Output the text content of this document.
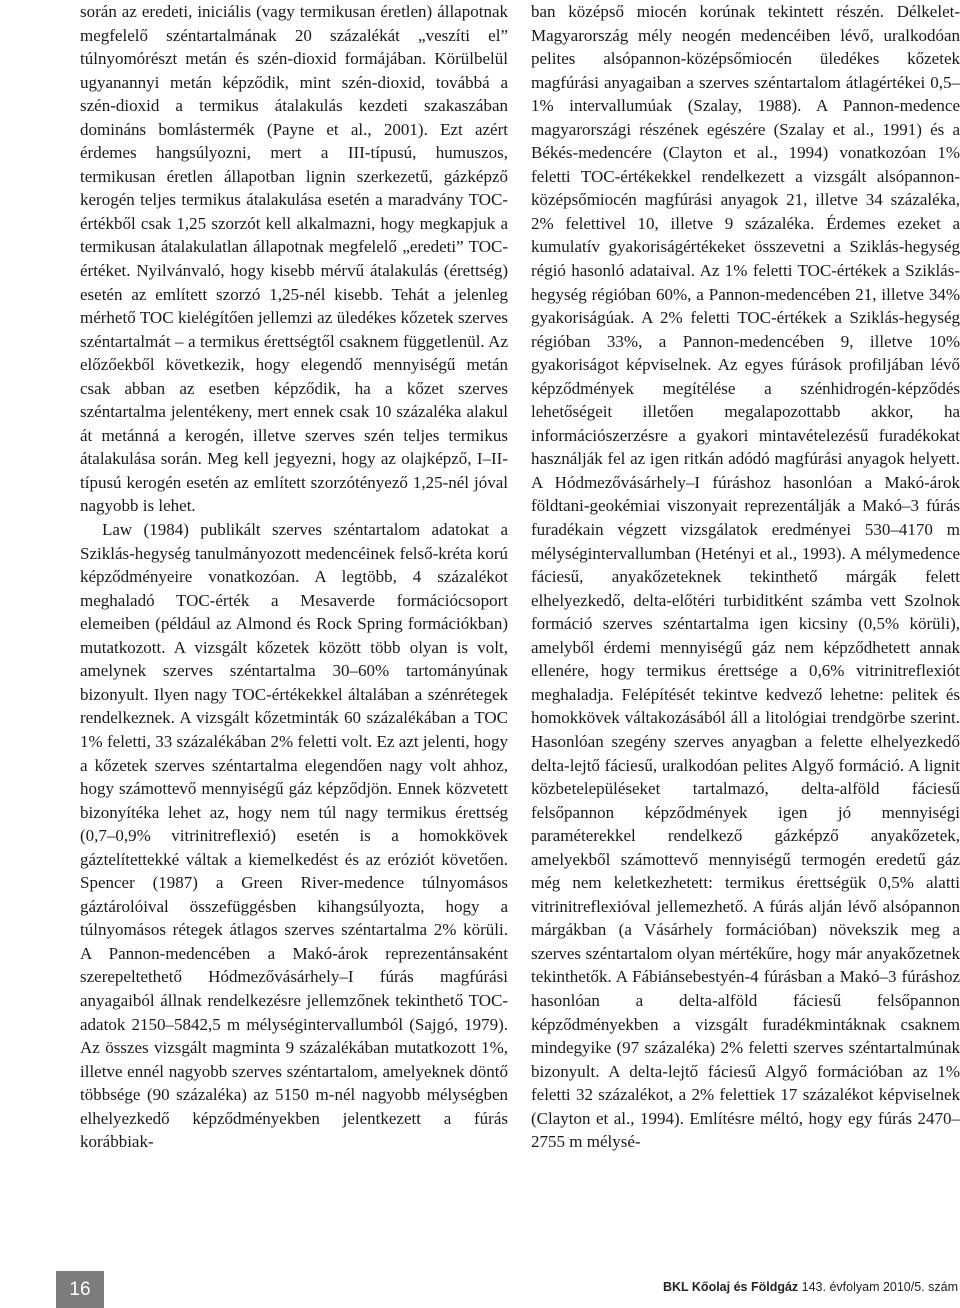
során az eredeti, iniciális (vagy termikusan éretlen) állapotnak megfelelő széntartalmának 20 százalékát „veszíti el” túlnyomórészt metán és szén-dioxid formájában. Körülbelül ugyanannyi metán képződik, mint szén-dioxid, továbbá a szén-dioxid a termikus átalakulás kezdeti szakaszában domináns bomlástermék (Payne et al., 2001). Ezt azért érdemes hangsúlyozni, mert a III-típusú, humuszos, termikusan éretlen állapotban lignin szerkezetű, gázképző kerogén teljes termikus átalakulása esetén a maradvány TOC-értékből csak 1,25 szorzót kell alkalmazni, hogy megkapjuk a termikusan átalakulatlan állapotnak megfelelő „eredeti” TOC-értéket. Nyilvánvaló, hogy kisebb mérvű átalakulás (érettség) esetén az említett szorzó 1,25-nél kisebb. Tehát a jelenleg mérhető TOC kielégítően jellemzi az üledékes kőzetek szerves széntartalmát – a termikus érettségtől csaknem függetlenül. Az előzőekből következik, hogy elegendő mennyiségű metán csak abban az esetben képződik, ha a kőzet szerves széntartalma jelentékeny, mert ennek csak 10 százaléka alakul át metánná a kerogén, illetve szerves szén teljes termikus átalakulása során. Meg kell jegyezni, hogy az olajképző, I–II-típusú kerogén esetén az említett szorzótényező 1,25-nél jóval nagyobb is lehet.

Law (1984) publikált szerves széntartalom adatokat a Sziklás-hegység tanulmányozott medencéinek felső-kréta korú képződményeire vonatkozóan. A legtöbb, 4 százalékot meghaladó TOC-érték a Mesaverde formációcsoport elemeiben (például az Almond és Rock Spring formációkban) mutatkozott. A vizsgált kőzetek között több olyan is volt, amelynek szerves széntartalma 30–60% tartományúnak bizonyult. Ilyen nagy TOC-értékekkel általában a szénrétegek rendelkeznek. A vizsgált kőzetminták 60 százalékában a TOC 1% feletti, 33 százalékában 2% feletti volt. Ez azt jelenti, hogy a kőzetek szerves széntartalma elegendően nagy volt ahhoz, hogy számottevő mennyiségű gáz képződjön. Ennek közvetett bizonyítéka lehet az, hogy nem túl nagy termikus érettség (0,7–0,9% vitrinitreflexió) esetén is a homokkövek gáztelítettekké váltak a kiemelkedést és az eróziót követően. Spencer (1987) a Green River-medence túlnyomásos gáztárolóival összefüggésben kihangsúlyozta, hogy a túlnyomásos rétegek átlagos szerves széntartalma 2% körüli. A Pannon-medencében a Makó-árok reprezentánsaként szerepeltethető Hódmezővásárhely–I fúrás magfúrási anyagaiból állnak rendelkezésre jellemzőnek tekinthető TOC-adatok 2150–5842,5 m mélységintervallumból (Sajgó, 1979). Az összes vizsgált magminta 9 százalékában mutatkozott 1%, illetve ennél nagyobb szerves széntartalom, amelyeknek döntő többsége (90 százaléka) az 5150 m-nél nagyobb mélységben elhelyezkedő képződményekben jelentkezett a fúrás korábbiak-

ban középső miocén korúnak tekintett részén. Délkelet-Magyarország mély neogén medencéiben lévő, uralkodóan pelites alsópannon-középsőmiocén üledékes kőzetek magfúrási anyagaiban a szerves széntartalom átlagértékei 0,5–1% intervallumúak (Szalay, 1988). A Pannon-medence magyarországi részének egészére (Szalay et al., 1991) és a Békés-medencére (Clayton et al., 1994) vonatkozóan 1% feletti TOC-értékekkel rendelkezett a vizsgált alsópannon-középsőmiocén magfúrási anyagok 21, illetve 34 százaléka, 2% felettivel 10, illetve 9 százaléka. Érdemes ezeket a kumulatív gyakoriságértékeket összevetni a Sziklás-hegység régió hasonló adataival. Az 1% feletti TOC-értékek a Sziklás-hegység régióban 60%, a Pannon-medencében 21, illetve 34% gyakoriságúak. A 2% feletti TOC-értékek a Sziklás-hegység régióban 33%, a Pannon-medencében 9, illetve 10% gyakoriságot képviselnek. Az egyes fúrások profiljában lévő képződmények megítélése a szénhidrogén-képződés lehetőségeit illetően megalapozottabb akkor, ha információszerzésre a gyakori mintavételezésű furadékokat használják fel az igen ritkán adódó magfúrási anyagok helyett. A Hódmezővásárhely–I fúráshoz hasonlóan a Makó-árok földtani-geokémiai viszonyait reprezentálják a Makó–3 fúrás furadékain végzett vizsgálatok eredményei 530–4170 m mélységintervallumban (Hetényi et al., 1993). A mélymedence fáciesű, anyakőzeteknek tekinthető márgák felett elhelyezkedő, delta-előtéri turbiditként számba vett Szolnok formáció szerves széntartalma igen kicsiny (0,5% körüli), amelyből érdemi mennyiségű gáz nem képződhetett annak ellenére, hogy termikus érettsége a 0,6% vitrinitreflexiót meghaladja. Felépítését tekintve kedvező lehetne: pelitek és homokkövek váltakozásából áll a litológiai trendgörbe szerint. Hasonlóan szegény szerves anyagban a felette elhelyezkedő delta-lejtő fáciesű, uralkodóan pelites Algyő formáció. A lignit közbetelepüléseket tartalmazó, delta-alföld fáciesű felsőpannon képződmények igen jó mennyiségi paraméterekkel rendelkező gázképző anyakőzetek, amelyekből számottevő mennyiségű termogén eredetű gáz még nem keletkezhetett: termikus érettségük 0,5% alatti vitrinitreflexióval jellemezhető. A fúrás alján lévő alsópannon márgákban (a Vásárhely formációban) növekszik meg a szerves széntartalom olyan mértékűre, hogy már anyakőzetnek tekinthetők. A Fábiánsebestyén-4 fúrásban a Makó–3 fúráshoz hasonlóan a delta-alföld fáciesű felsőpannon képződményekben a vizsgált furadékmintáknak csaknem mindegyike (97 százaléka) 2% feletti szerves széntartalmúnak bizonyult. A delta-lejtő fáciesű Algyő formációban az 1% feletti 32 százalékot, a 2% felettiek 17 százalékot képviselnek (Clayton et al., 1994). Említésre méltó, hogy egy fúrás 2470–2755 m mélysé-

16	BKL Kőolaj és Földgáz 143. évfolyam 2010/5. szám
